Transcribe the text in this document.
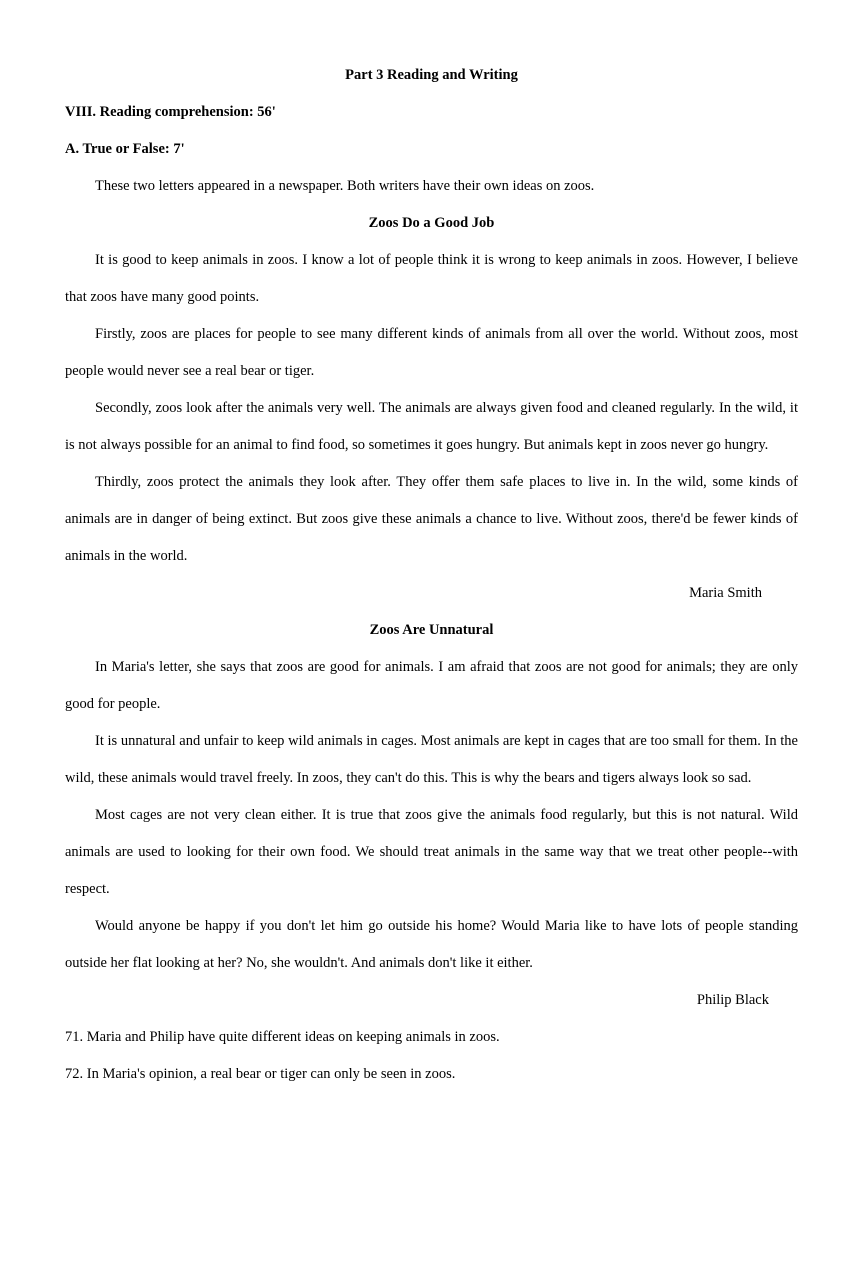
Part 3 Reading and Writing

VIII. Reading comprehension: 56'

A. True or False: 7'

These two letters appeared in a newspaper. Both writers have their own ideas on zoos.

Zoos Do a Good Job

It is good to keep animals in zoos. I know a lot of people think it is wrong to keep animals in zoos. However, I believe that zoos have many good points.

Firstly, zoos are places for people to see many different kinds of animals from all over the world. Without zoos, most people would never see a real bear or tiger.

Secondly, zoos look after the animals very well. The animals are always given food and cleaned regularly. In the wild, it is not always possible for an animal to find food, so sometimes it goes hungry. But animals kept in zoos never go hungry.

Thirdly, zoos protect the animals they look after. They offer them safe places to live in. In the wild, some kinds of animals are in danger of being extinct. But zoos give these animals a chance to live. Without zoos, there'd be fewer kinds of animals in the world.

Maria Smith

Zoos Are Unnatural

In Maria's letter, she says that zoos are good for animals. I am afraid that zoos are not good for animals; they are only good for people.

It is unnatural and unfair to keep wild animals in cages. Most animals are kept in cages that are too small for them. In the wild, these animals would travel freely. In zoos, they can't do this. This is why the bears and tigers always look so sad.

Most cages are not very clean either. It is true that zoos give the animals food regularly, but this is not natural. Wild animals are used to looking for their own food. We should treat animals in the same way that we treat other people--with respect.

Would anyone be happy if you don't let him go outside his home? Would Maria like to have lots of people standing outside her flat looking at her? No, she wouldn't. And animals don't like it either.

Philip Black

71. Maria and Philip have quite different ideas on keeping animals in zoos.

72. In Maria's opinion, a real bear or tiger can only be seen in zoos.
